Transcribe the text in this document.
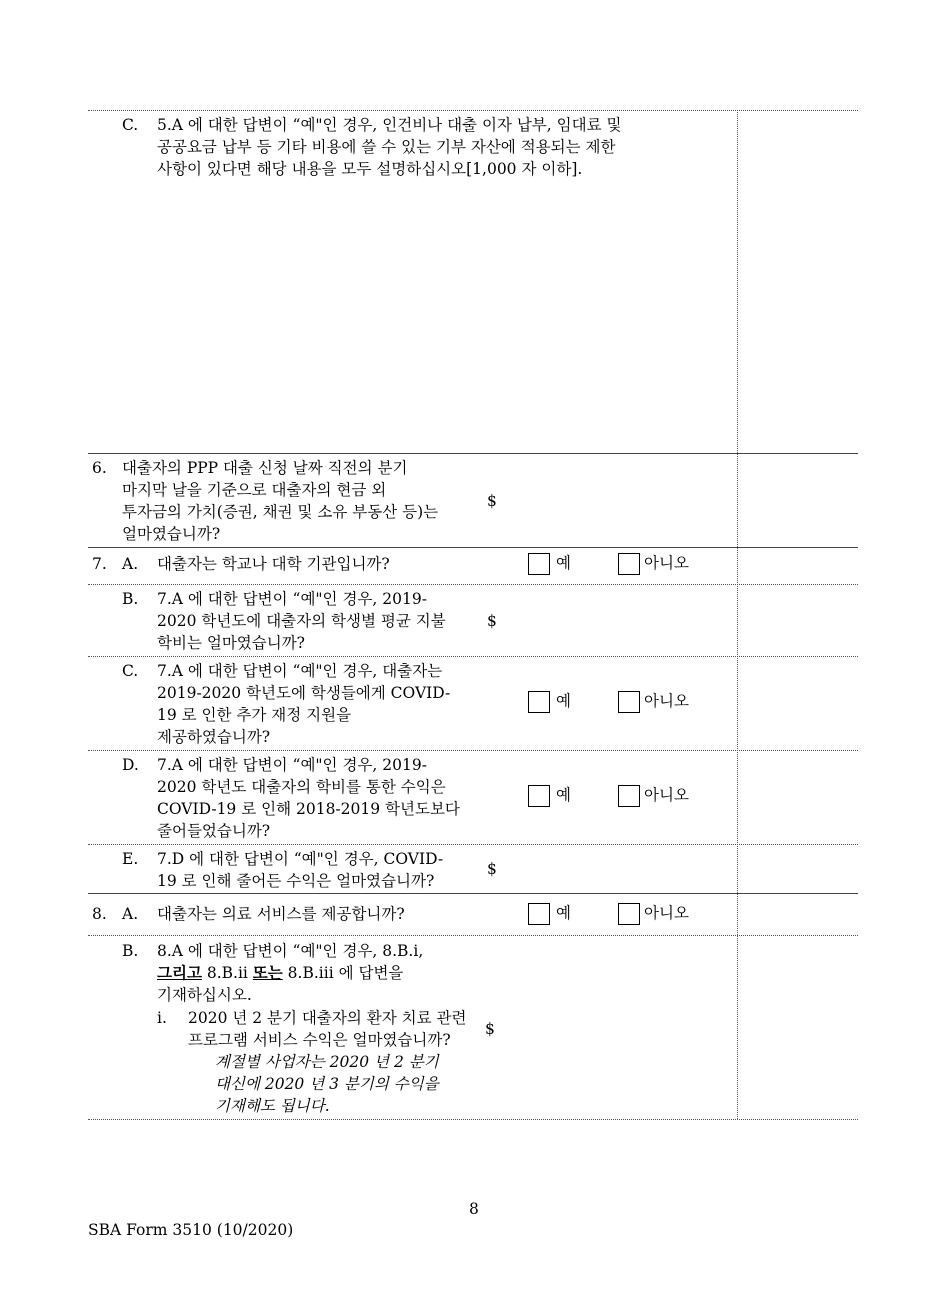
C. 5.A 에 대한 답변이 “예"인 경우, 인건비나 대출 이자 납부, 임대료 및
공공요금 납부 등 기타 비용에 쓸 수 있는 기부 자산에 적용되는 제한
사항이 있다면 해당 내용을 모두 설명하십시오[1,000 자 이하].
6. 대출자의 PPP 대출 신청 날짜 직전의 분기
마지막 날을 기준으로 대출자의 현금 외
투자금의 가치(증권, 채권 및 소유 부동산 등)는
얼마였습니까?
$
7. A. 대출자는 학교나 대학 기관입니까?	예	아니오
B. 7.A 에 대한 답변이 “예"인 경우, 2019-
2020 학년도에 대출자의 학생별 평균 지불
학비는 얼마였습니까?
$
C. 7.A 에 대한 답변이 “예"인 경우, 대출자는
2019-2020 학년도에 학생들에게 COVID-
19 로 인한 추가 재정 지원을
제공하였습니까?
예	아니오
D. 7.A 에 대한 답변이 “예"인 경우, 2019-
2020 학년도 대출자의 학비를 통한 수익은
COVID-19 로 인해 2018-2019 학년도보다
줄어들었습니까?
예	아니오
E. 7.D 에 대한 답변이 “예"인 경우, COVID-
19 로 인해 줄어든 수익은 얼마였습니까?
$
8. A. 대출자는 의료 서비스를 제공합니까?	예	아니오
B. 8.A 에 대한 답변이 “예"인 경우, 8.B.i,
그리고 8.B.ii 또는 8.B.iii 에 답변을
기재하십시오.
i. 2020 년 2 분기 대출자의 환자 치료 관련
프로그램 서비스 수익은 얼마였습니까?
계절별 사업자는 2020 년 2 분기
대신에 2020 년 3 분기의 수익을
기재해도 됩니다.
$
8
SBA Form 3510 (10/2020)
